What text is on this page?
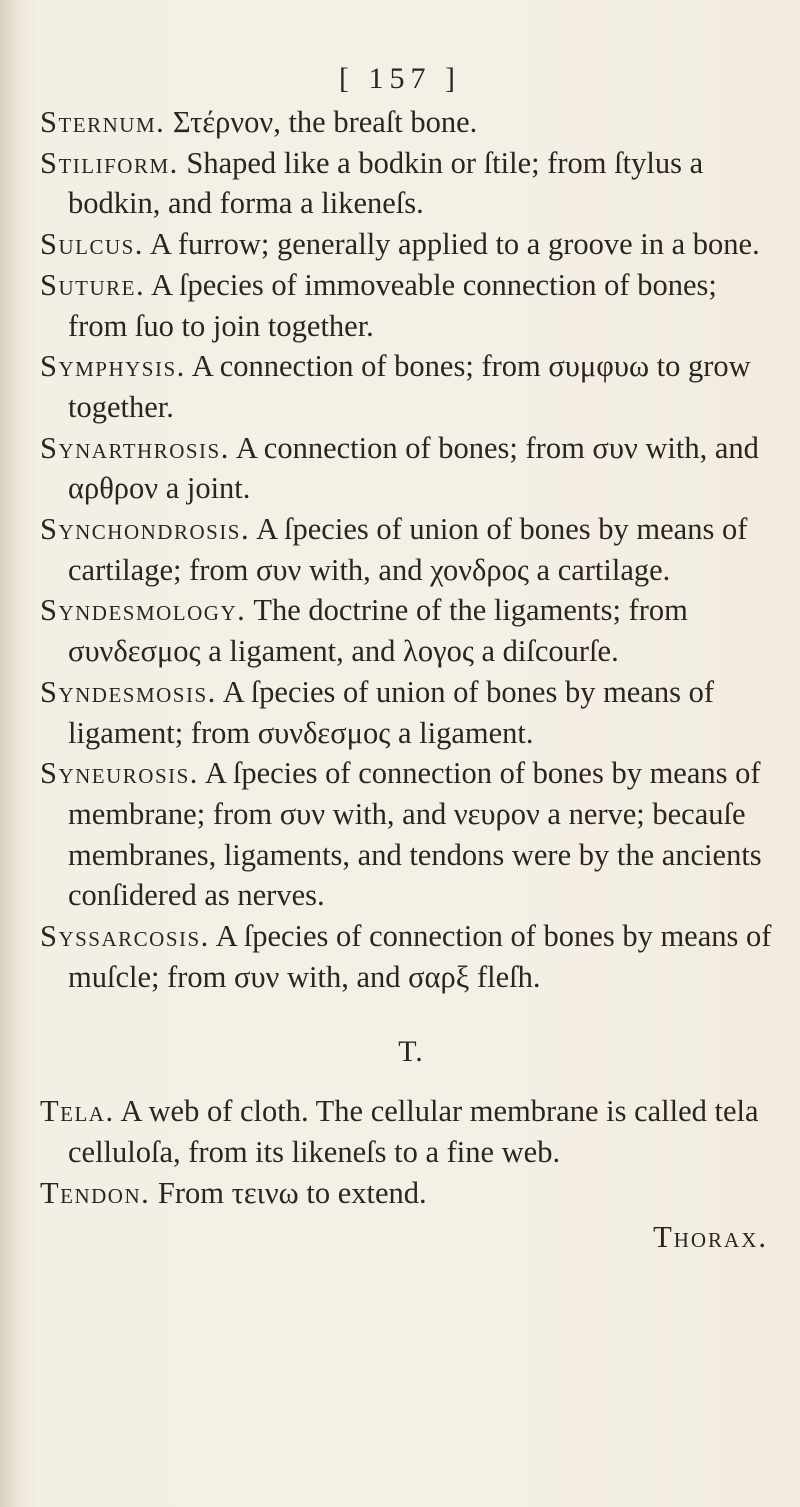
[ 157 ]

Sternum. Στέρνον, the breaſt bone.

Stiliform. Shaped like a bodkin or ſtile; from ſtylus a bodkin, and forma a likeneſs.

Sulcus. A furrow; generally applied to a groove in a bone.

Suture. A ſpecies of immoveable connection of bones; from ſuo to join together.

Symphysis. A connection of bones; from συμφυω to grow together.

Synarthrosis. A connection of bones; from συν with, and αρθρον a joint.

Synchondrosis. A ſpecies of union of bones by means of cartilage; from συν with, and χονδρος a cartilage.

Syndesmology. The doctrine of the ligaments; from συνδεσμος a ligament, and λογος a diſcourſe.

Syndesmosis. A ſpecies of union of bones by means of ligament; from συνδεσμος a ligament.

Syneurosis. A ſpecies of connection of bones by means of membrane; from συν with, and νευρον a nerve; becauſe membranes, ligaments, and tendons were by the ancients conſidered as nerves.

Syssarcosis. A ſpecies of connection of bones by means of muſcle; from συν with, and σαρξ fleſh.

T.

Tela. A web of cloth. The cellular membrane is called tela celluloſa, from its likeneſs to a fine web.

Tendon. From τεινω to extend.

Thorax.
